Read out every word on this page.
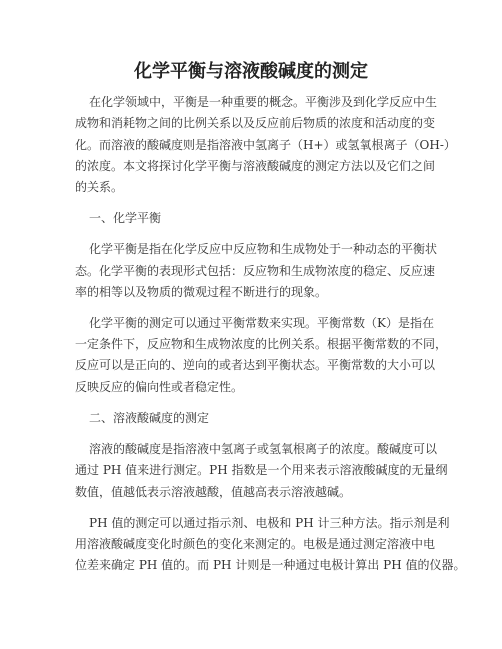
化学平衡与溶液酸碱度的测定
在化学领域中，平衡是一种重要的概念。平衡涉及到化学反应中生
成物和消耗物之间的比例关系以及反应前后物质的浓度和活动度的变
化。而溶液的酸碱度则是指溶液中氢离子（H+）或氢氧根离子（OH-）
的浓度。本文将探讨化学平衡与溶液酸碱度的测定方法以及它们之间
的关系。
一、化学平衡
化学平衡是指在化学反应中反应物和生成物处于一种动态的平衡状
态。化学平衡的表现形式包括：反应物和生成物浓度的稳定、反应速
率的相等以及物质的微观过程不断进行的现象。
化学平衡的测定可以通过平衡常数来实现。平衡常数（K）是指在
一定条件下，反应物和生成物浓度的比例关系。根据平衡常数的不同，
反应可以是正向的、逆向的或者达到平衡状态。平衡常数的大小可以
反映反应的偏向性或者稳定性。
二、溶液酸碱度的测定
溶液的酸碱度是指溶液中氢离子或氢氧根离子的浓度。酸碱度可以
通过 PH 值来进行测定。PH 指数是一个用来表示溶液酸碱度的无量纲
数值，值越低表示溶液越酸，值越高表示溶液越碱。
PH 值的测定可以通过指示剂、电极和 PH 计三种方法。指示剂是利
用溶液酸碱度变化时颜色的变化来测定的。电极是通过测定溶液中电
位差来确定 PH 值的。而 PH 计则是一种通过电极计算出 PH 值的仪器。
